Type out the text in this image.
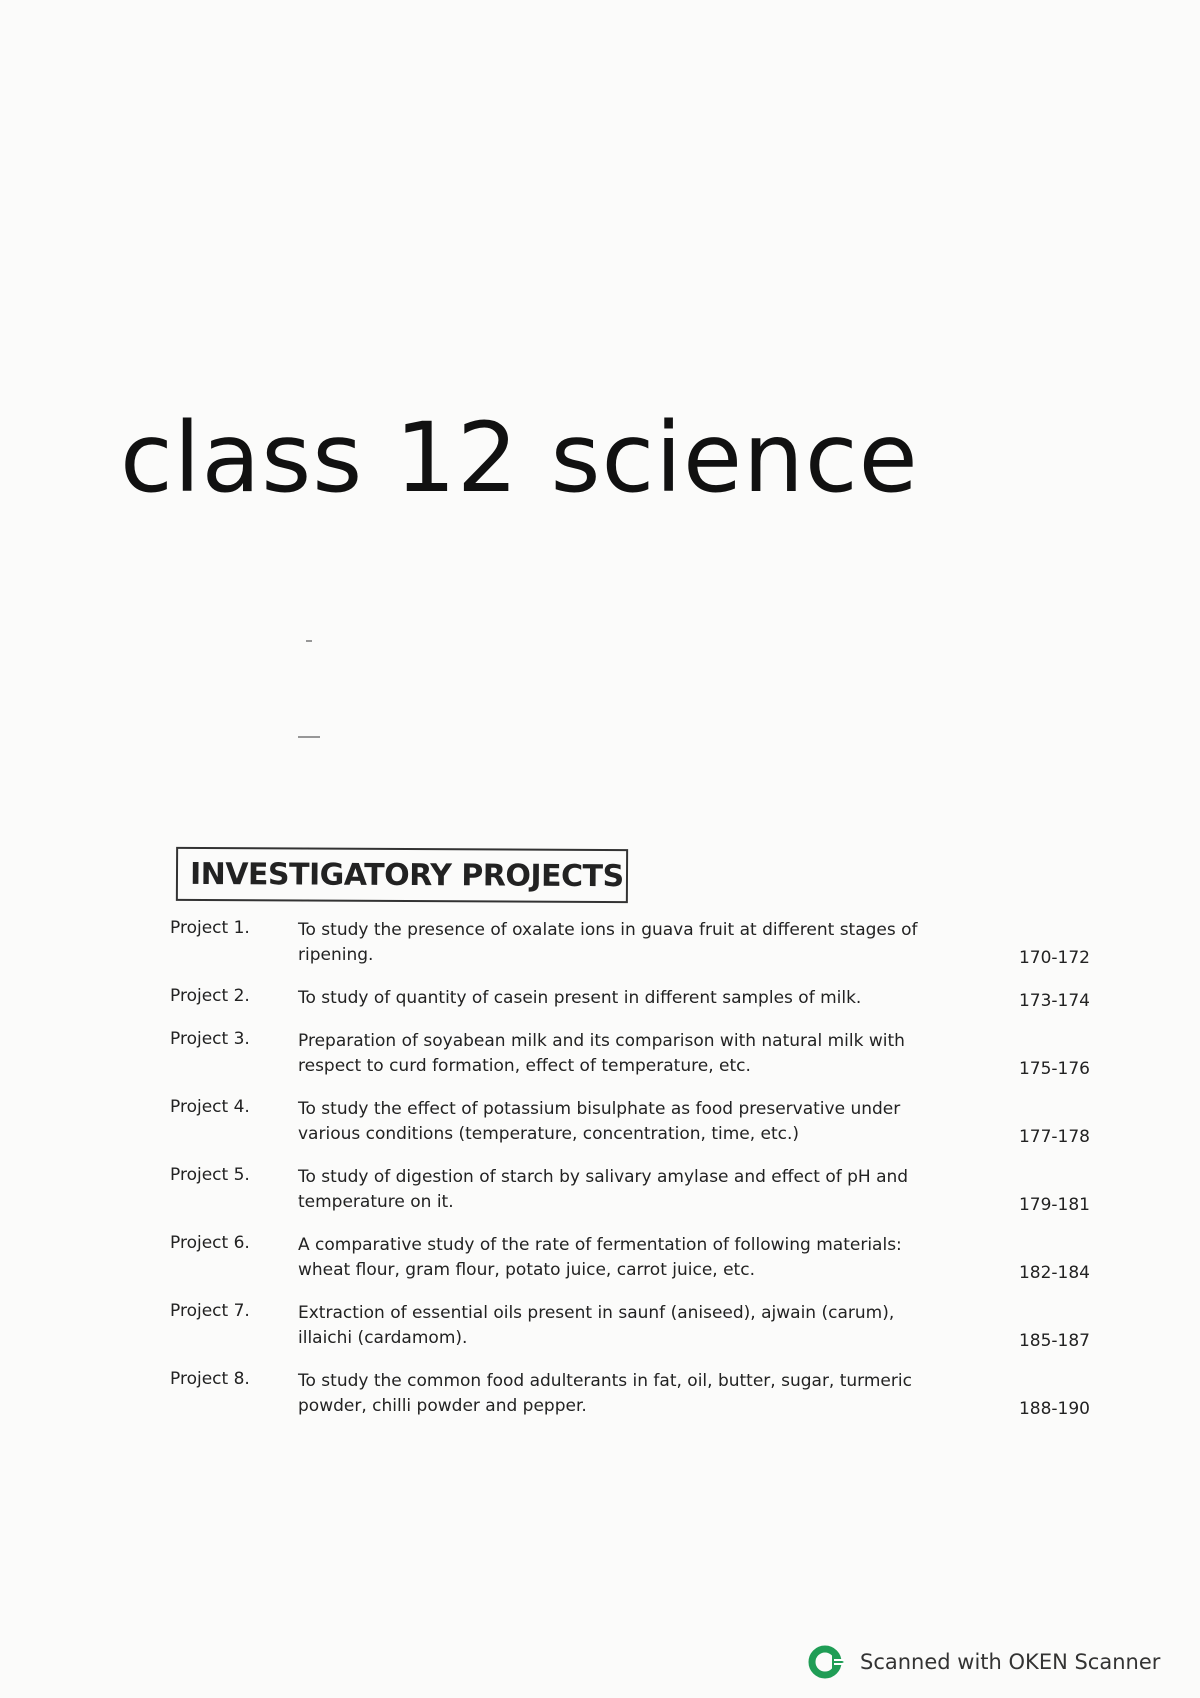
class 12 science
INVESTIGATORY PROJECTS
Project 1.	To study the presence of oxalate ions in guava fruit at different stages of ripening.	170-172
Project 2.	To study of quantity of casein present in different samples of milk.	173-174
Project 3.	Preparation of soyabean milk and its comparison with natural milk with respect to curd formation, effect of temperature, etc.	175-176
Project 4.	To study the effect of potassium bisulphate as food preservative under various conditions (temperature, concentration, time, etc.)	177-178
Project 5.	To study of digestion of starch by salivary amylase and effect of pH and temperature on it.	179-181
Project 6.	A comparative study of the rate of fermentation of following materials: wheat flour, gram flour, potato juice, carrot juice, etc.	182-184
Project 7.	Extraction of essential oils present in saunf (aniseed), ajwain (carum), illaichi (cardamom).	185-187
Project 8.	To study the common food adulterants in fat, oil, butter, sugar, turmeric powder, chilli powder and pepper.	188-190
Scanned with OKEN Scanner
